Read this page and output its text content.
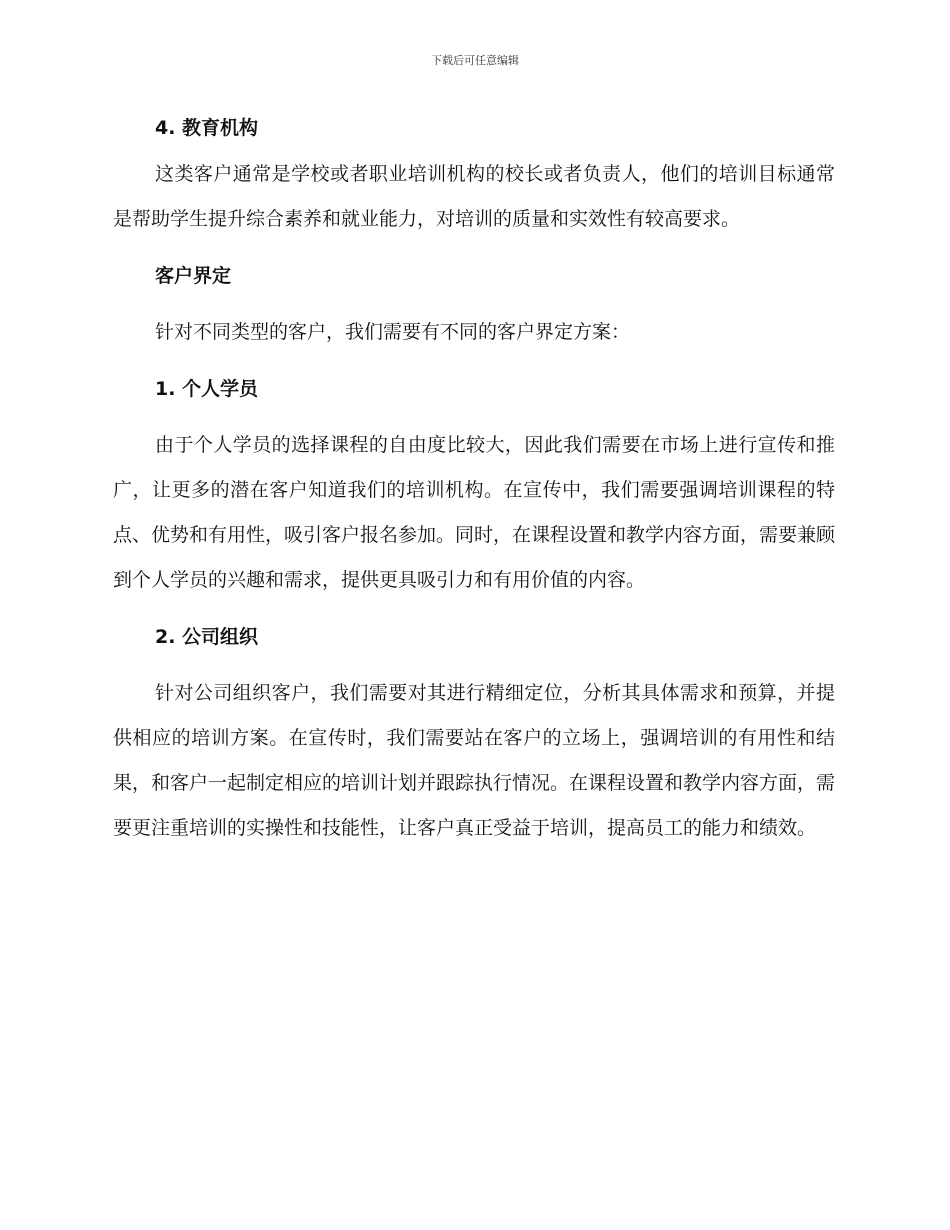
下载后可任意编辑
4. 教育机构

这类客户通常是学校或者职业培训机构的校长或者负责人，他们的培训目标通常是帮助学生提升综合素养和就业能力，对培训的质量和实效性有较高要求。

客户界定

针对不同类型的客户，我们需要有不同的客户界定方案：

1. 个人学员

由于个人学员的选择课程的自由度比较大，因此我们需要在市场上进行宣传和推广，让更多的潜在客户知道我们的培训机构。在宣传中，我们需要强调培训课程的特点、优势和有用性，吸引客户报名参加。同时，在课程设置和教学内容方面，需要兼顾到个人学员的兴趣和需求，提供更具吸引力和有用价值的内容。

2. 公司组织

针对公司组织客户，我们需要对其进行精细定位，分析其具体需求和预算，并提供相应的培训方案。在宣传时，我们需要站在客户的立场上，强调培训的有用性和结果，和客户一起制定相应的培训计划并跟踪执行情况。在课程设置和教学内容方面，需要更注重培训的实操性和技能性，让客户真正受益于培训，提高员工的能力和绩效。
